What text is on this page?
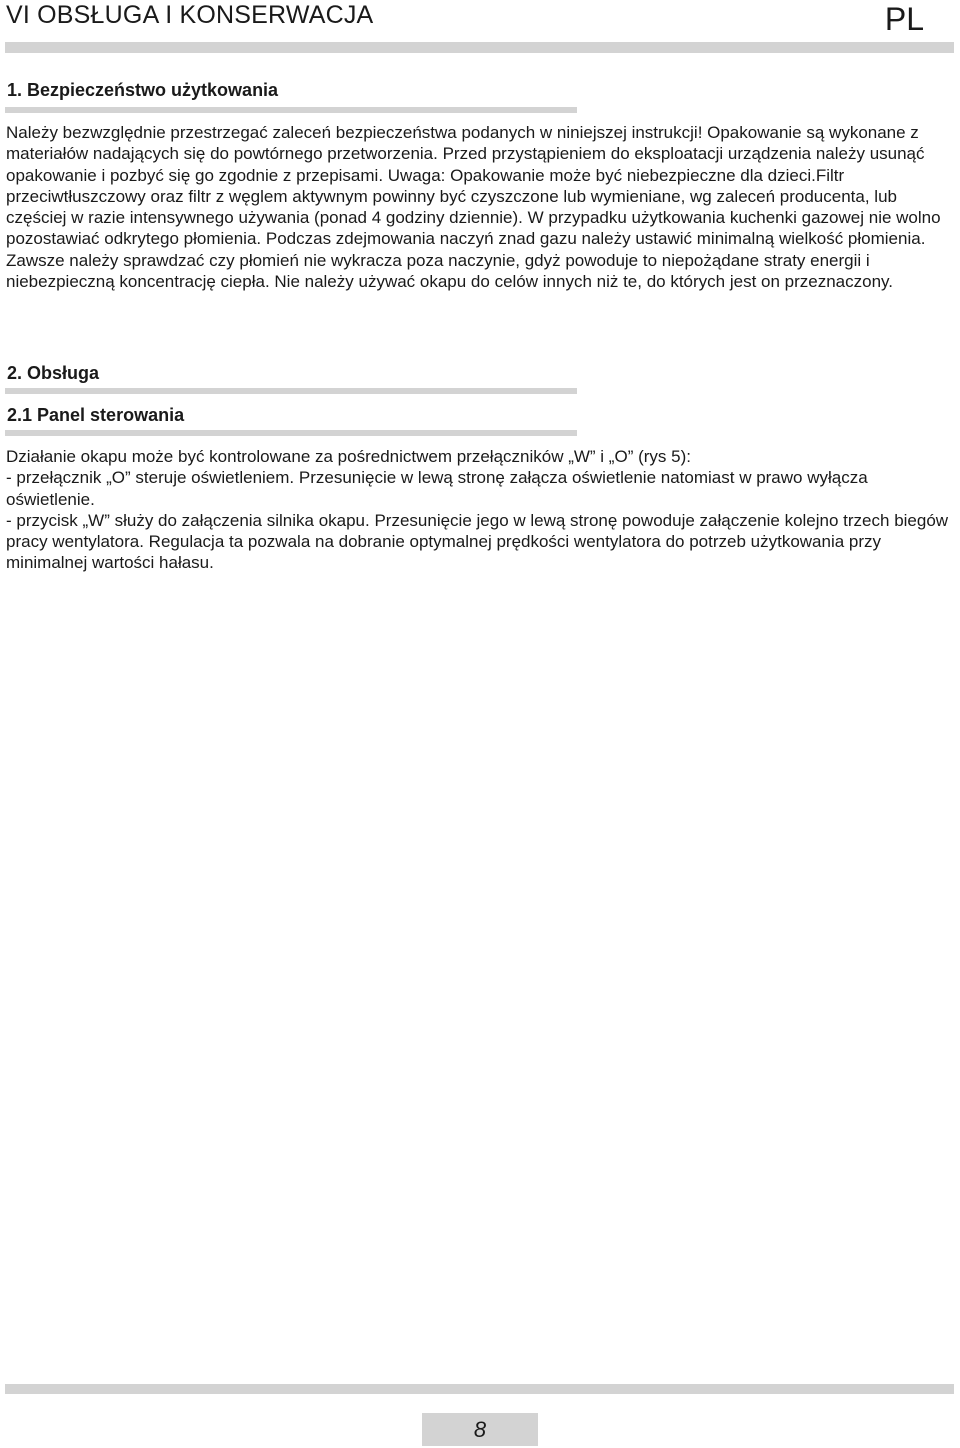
VI OBSŁUGA I KONSERWACJA	PL
1. Bezpieczeństwo użytkowania

Należy bezwzględnie przestrzegać zaleceń bezpieczeństwa podanych w niniejszej instrukcji! Opakowanie są wykonane z materiałów nadających się do powtórnego przetworzenia. Przed przystąpieniem do eksploatacji urządzenia należy usunąć opakowanie i pozbyć się go zgodnie z przepisami. Uwaga: Opakowanie może być niebezpieczne dla dzieci.Filtr przeciwtłuszczowy oraz filtr z węglem aktywnym powinny być czyszczone lub wymieniane, wg zaleceń producenta, lub częściej w razie intensywnego używania (ponad 4 godziny dziennie). W przypadku użytkowania kuchenki gazowej nie wolno pozostawiać odkrytego płomienia. Podczas zdejmowania naczyń znad gazu należy ustawić minimalną wielkość płomienia. Zawsze należy sprawdzać czy płomień nie wykracza poza naczynie, gdyż powoduje to niepożądane straty energii i niebezpieczną koncentrację ciepła. Nie należy używać okapu do celów innych niż te, do których jest on przeznaczony.

2. Obsługa
2.1 Panel sterowania

Działanie okapu może być kontrolowane za pośrednictwem przełączników „W” i „O” (rys 5):

- przełącznik „O” steruje oświetleniem. Przesunięcie w lewą stronę załącza oświetlenie natomiast w prawo wyłącza oświetlenie.

- przycisk „W” służy do załączenia silnika okapu. Przesunięcie jego w lewą stronę powoduje załączenie kolejno trzech biegów pracy wentylatora. Regulacja ta pozwala na dobranie optymalnej prędkości wentylatora do potrzeb użytkowania przy minimalnej wartości hałasu.

8
